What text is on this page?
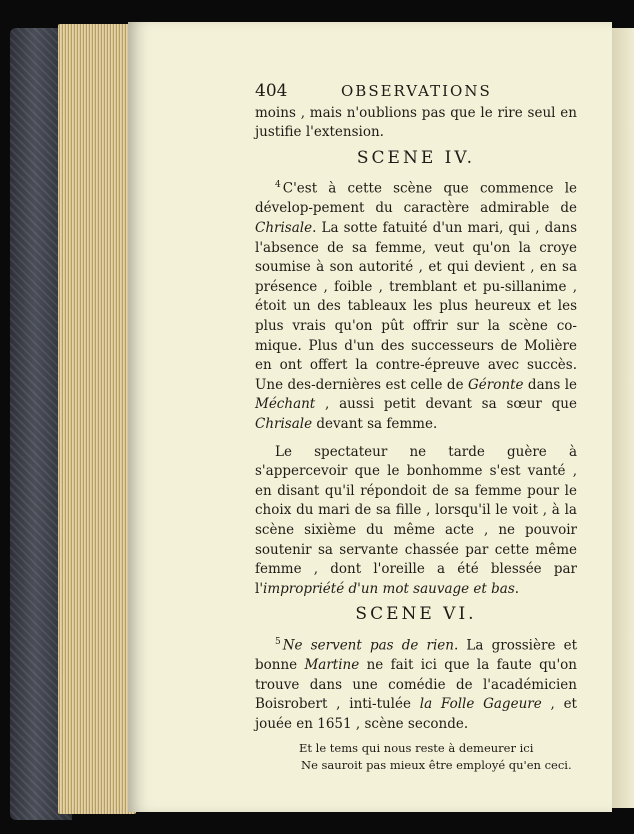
404	OBSERVATIONS

moins , mais n'oublions pas que le rire seul en justifie l'extension.

SCENE IV.

$^4$ C'est à cette scène que commence le dévelop-pement du caractère admirable de Chrisale. La sotte fatuité d'un mari, qui , dans l'absence de sa femme, veut qu'on la croye soumise à son autorité , et qui devient , en sa présence , foible , tremblant et pu-sillanime , étoit un des tableaux les plus heureux et les plus vrais qu'on pût offrir sur la scène co-mique. Plus d'un des successeurs de Molière en ont offert la contre-épreuve avec succès. Une des-dernières est celle de Géronte dans le Méchant , aussi petit devant sa sœur que Chrisale devant sa femme.

Le spectateur ne tarde guère à s'appercevoir que le bonhomme s'est vanté , en disant qu'il répondoit de sa femme pour le choix du mari de sa fille , lorsqu'il le voit , à la scène sixième du même acte , ne pouvoir soutenir sa servante chassée par cette même femme , dont l'oreille a été blessée par l'impropriété d'un mot sauvage et bas.

SCENE VI.

$^5$ Ne servent pas de rien. La grossière et bonne Martine ne fait ici que la faute qu'on trouve dans une comédie de l'académicien Boisrobert , inti-tulée la Folle Gageure , et jouée en 1651 , scène seconde.

Et le tems qui nous reste à demeurer ici
Ne sauroit pas mieux être employé qu'en ceci.
